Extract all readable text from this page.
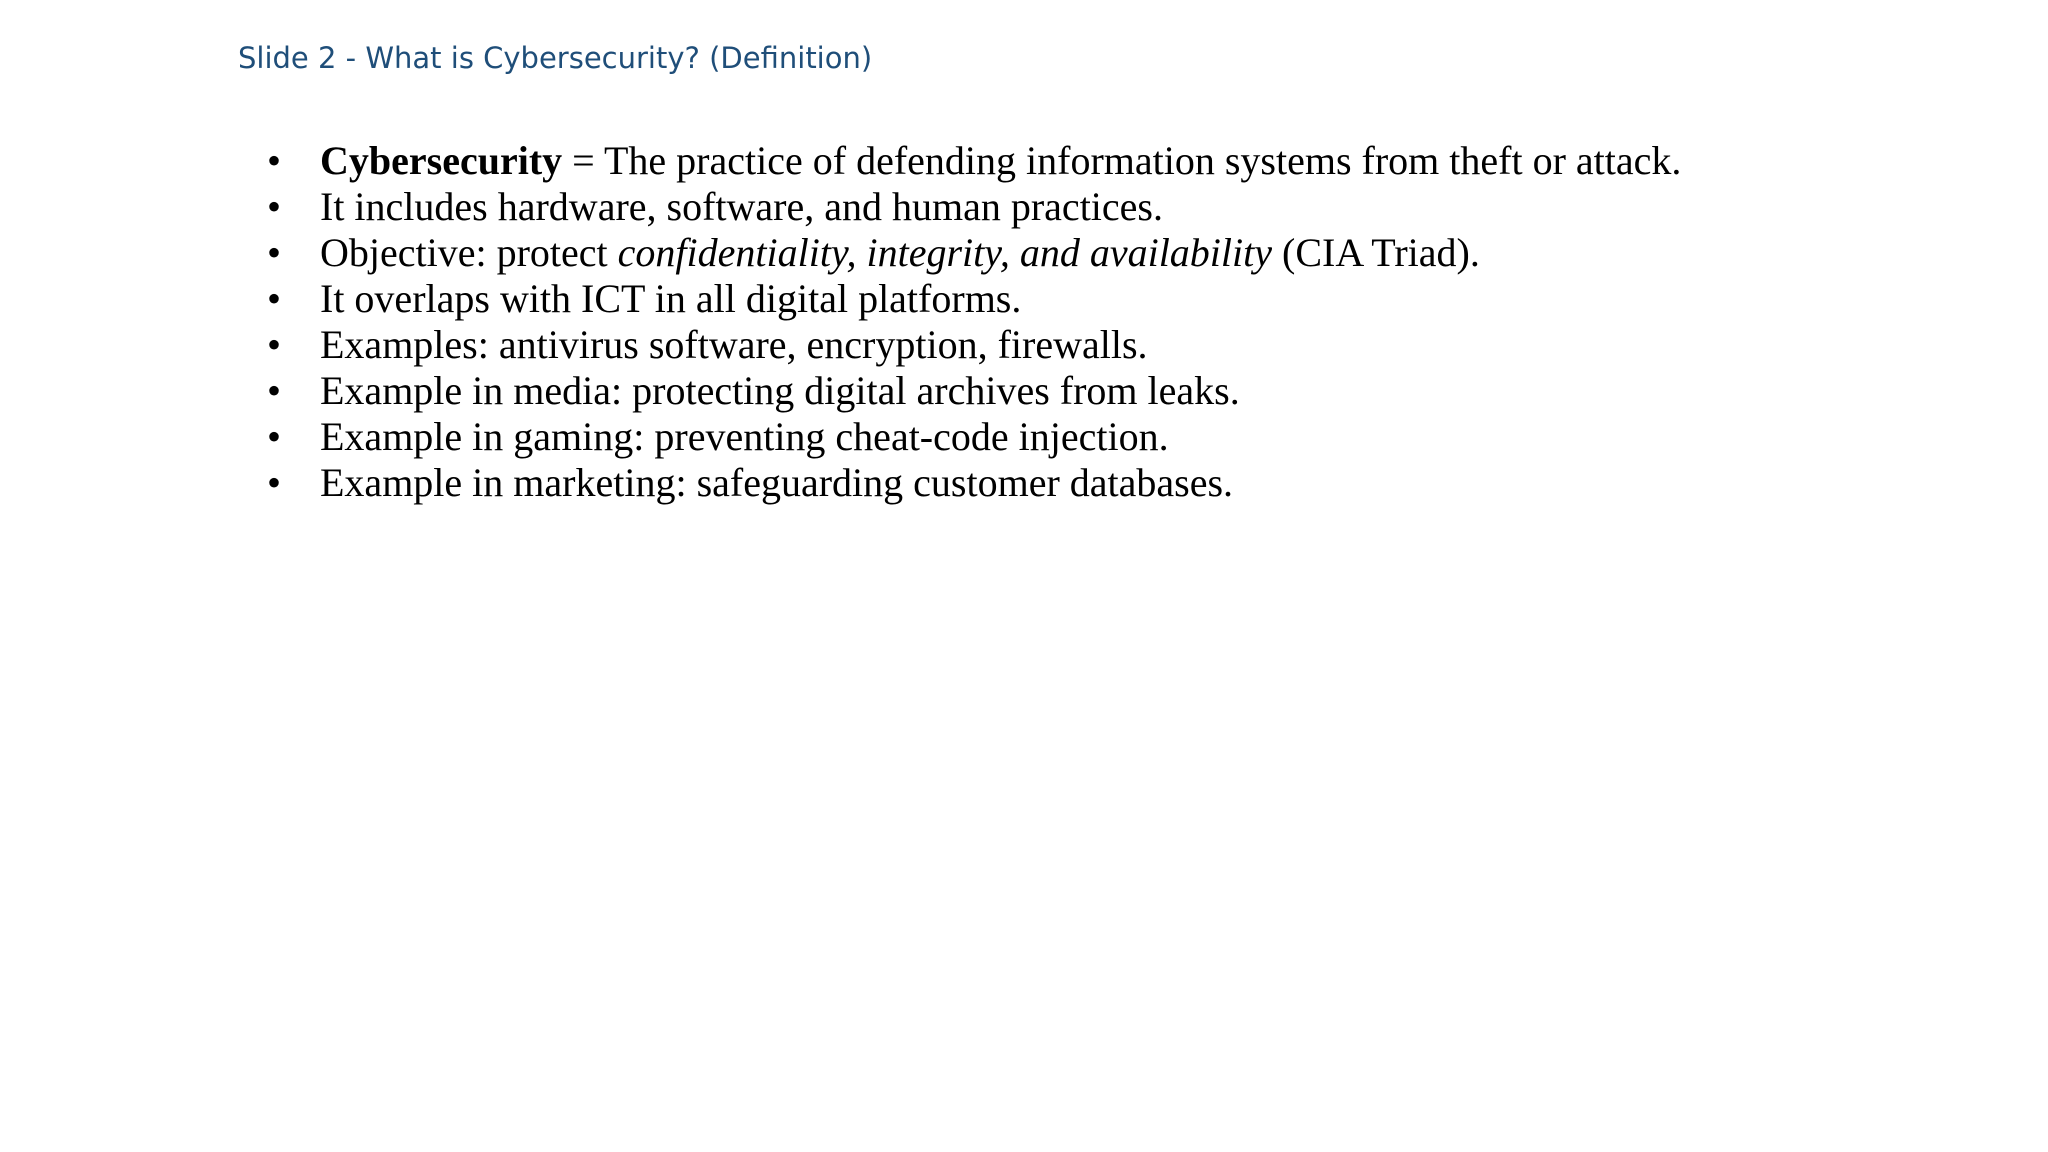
Slide 2 - What is Cybersecurity? (Definition)
• Cybersecurity = The practice of defending information systems from theft or attack.
• It includes hardware, software, and human practices.
• Objective: protect confidentiality, integrity, and availability (CIA Triad).
• It overlaps with ICT in all digital platforms.
• Examples: antivirus software, encryption, firewalls.
• Example in media: protecting digital archives from leaks.
• Example in gaming: preventing cheat-code injection.
• Example in marketing: safeguarding customer databases.
